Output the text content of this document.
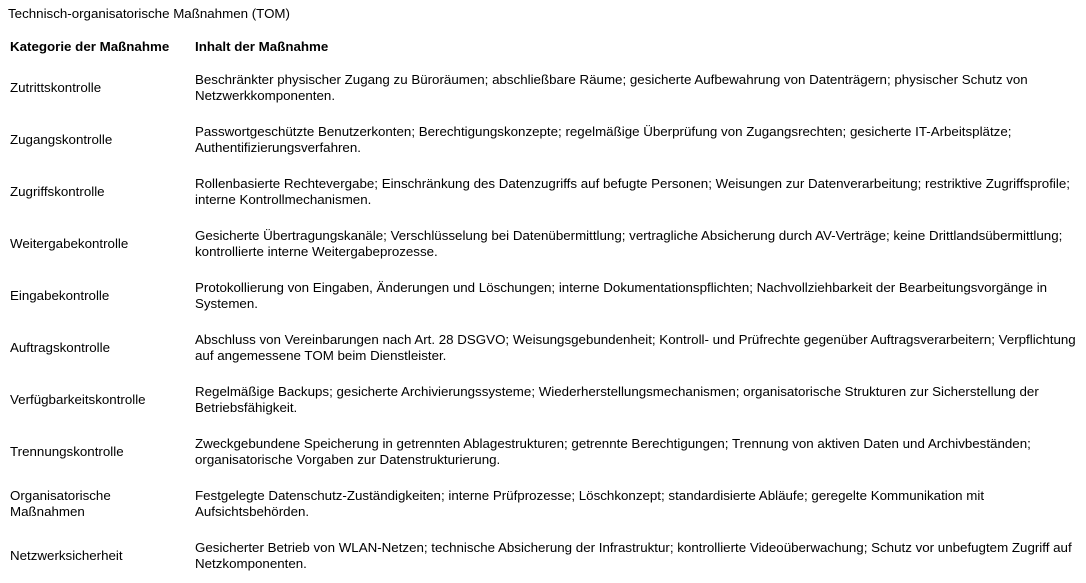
Technisch-organisatorische Maßnahmen (TOM)
Kategorie der Maßnahme	Inhalt der Maßnahme
Zutrittskontrolle	Beschränkter physischer Zugang zu Büroräumen; abschließbare Räume; gesicherte Aufbewahrung von Datenträgern; physischer Schutz von Netzwerkkomponenten.
Zugangskontrolle	Passwortgeschützte Benutzerkonten; Berechtigungskonzepte; regelmäßige Überprüfung von Zugangsrechten; gesicherte IT-Arbeitsplätze; Authentifizierungsverfahren.
Zugriffskontrolle	Rollenbasierte Rechtevergabe; Einschränkung des Datenzugriffs auf befugte Personen; Weisungen zur Datenverarbeitung; restriktive Zugriffsprofile; interne Kontrollmechanismen.
Weitergabekontrolle	Gesicherte Übertragungskanäle; Verschlüsselung bei Datenübermittlung; vertragliche Absicherung durch AV-Verträge; keine Drittlandsübermittlung; kontrollierte interne Weitergabeprozesse.
Eingabekontrolle	Protokollierung von Eingaben, Änderungen und Löschungen; interne Dokumentationspflichten; Nachvollziehbarkeit der Bearbeitungsvorgänge in Systemen.
Auftragskontrolle	Abschluss von Vereinbarungen nach Art. 28 DSGVO; Weisungsgebundenheit; Kontroll- und Prüfrechte gegenüber Auftragsverarbeitern; Verpflichtung auf angemessene TOM beim Dienstleister.
Verfügbarkeitskontrolle	Regelmäßige Backups; gesicherte Archivierungssysteme; Wiederherstellungsmechanismen; organisatorische Strukturen zur Sicherstellung der Betriebsfähigkeit.
Trennungskontrolle	Zweckgebundene Speicherung in getrennten Ablagestrukturen; getrennte Berechtigungen; Trennung von aktiven Daten und Archivbeständen; organisatorische Vorgaben zur Datenstrukturierung.
Organisatorische Maßnahmen	Festgelegte Datenschutz-Zuständigkeiten; interne Prüfprozesse; Löschkonzept; standardisierte Abläufe; geregelte Kommunikation mit Aufsichtsbehörden.
Netzwerksicherheit	Gesicherter Betrieb von WLAN-Netzen; technische Absicherung der Infrastruktur; kontrollierte Videoüberwachung; Schutz vor unbefugtem Zugriff auf Netzkomponenten.
